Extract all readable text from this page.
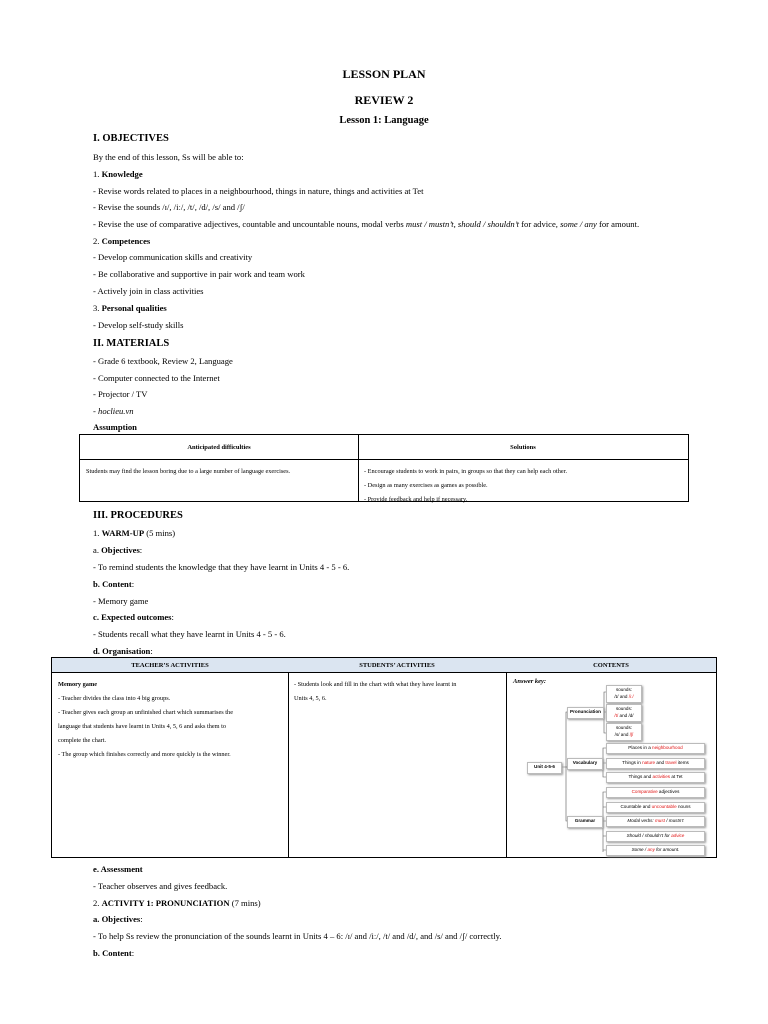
LESSON PLAN
REVIEW 2
Lesson 1: Language
I. OBJECTIVES
By the end of this lesson, Ss will be able to:
1. Knowledge
- Revise words related to places in a neighbourhood, things in nature, things and activities at Tet
- Revise the sounds /ɪ/, /iː/, /t/, /d/, /s/ and /ʃ/
- Revise the use of comparative adjectives, countable and uncountable nouns, modal verbs must / mustn’t, should / shouldn’t for advice, some / any for amount.
2. Competences
- Develop communication skills and creativity
- Be collaborative and supportive in pair work and team work
- Actively join in class activities
3. Personal qualities
- Develop self-study skills
II. MATERIALS
- Grade 6 textbook, Review 2, Language
- Computer connected to the Internet
- Projector / TV
- hoclieu.vn
Assumption
Anticipated difficulties
Students may find the lesson boring due to a large number of language exercises.
Solutions
- Encourage students to work in pairs, in groups so that they can help each other.
- Design as many exercises as games as possible.
- Provide feedback and help if necessary.
III. PROCEDURES
1. WARM-UP (5 mins)
a. Objectives:
- To remind students the knowledge that they have learnt in Units 4 - 5 - 6.
b. Content:
- Memory game
c. Expected outcomes:
- Students recall what they have learnt in Units 4 - 5 - 6.
d. Organisation:
TEACHER’S ACTIVITIES
Memory game
- Teacher divides the class into 4 big groups.
- Teacher gives each group an unfinished chart which summarises the
language that students have learnt in Units 4, 5, 6 and asks them to
complete the chart.
- The group which finishes correctly and more quickly is the winner.
STUDENTS’ ACTIVITIES
- Students look and fill in the chart with what they have learnt in
Units 4, 5, 6.
CONTENTS
Answer key:
Unit 4-5-6
Pronunciation
Vocabulary
Grammar
sounds:
/ɪ/ and /iː/
sounds:
/t/ and /d/
sounds:
/s/ and /ʃ/
Places in a neighbourhood
Things in nature and travel items
Things and activities at Tet
Comparative adjectives
Countable and uncountable nouns
Modal verbs: must / mustn’t
Should / shouldn’t for advice
Some / any for amount.
e. Assessment
- Teacher observes and gives feedback.
2. ACTIVITY 1: PRONUNCIATION (7 mins)
a. Objectives:
- To help Ss review the pronunciation of the sounds learnt in Units 4 – 6: /ɪ/ and /iː/, /t/ and /d/, and /s/ and /ʃ/ correctly.
b. Content:
